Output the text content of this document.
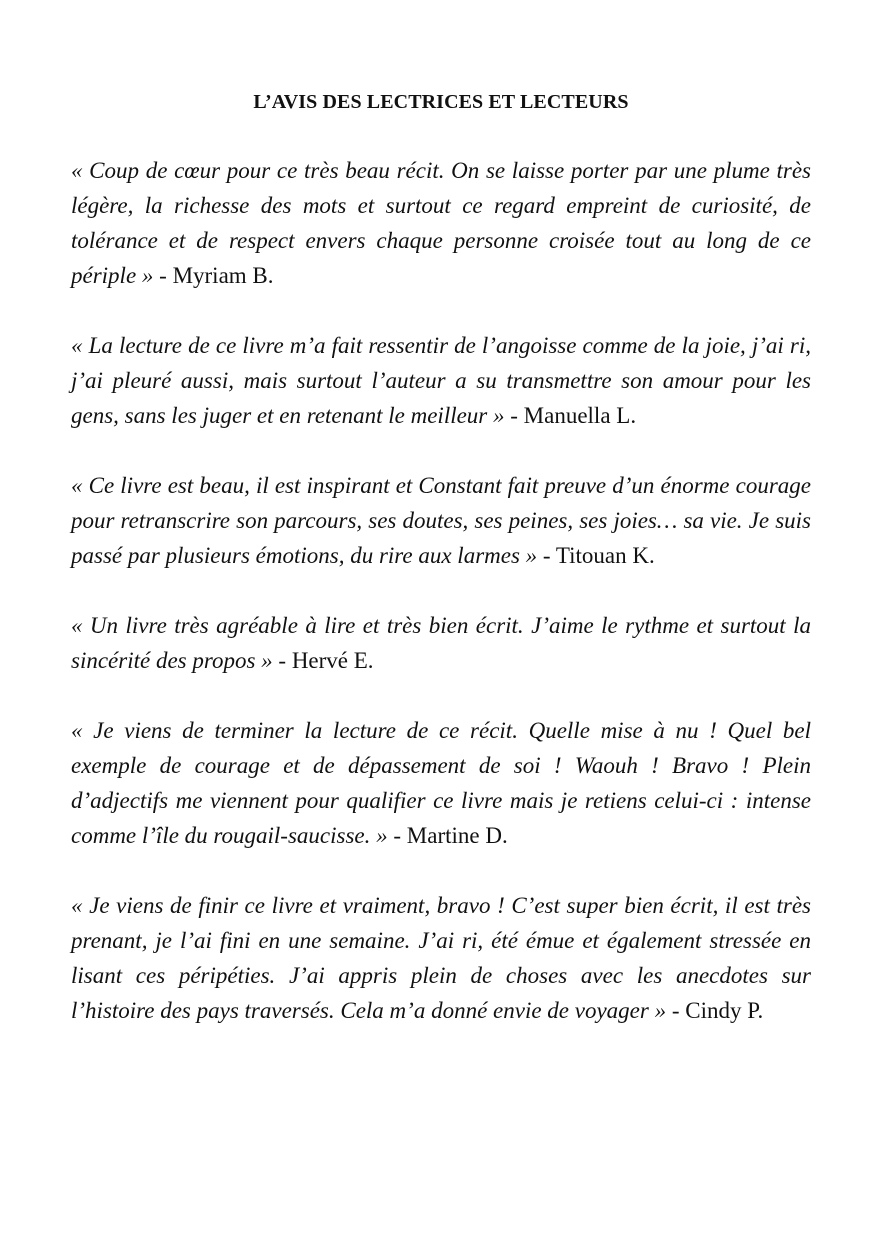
L’AVIS DES LECTRICES ET LECTEURS

« Coup de cœur pour ce très beau récit. On se laisse porter par une plume très légère, la richesse des mots et surtout ce regard empreint de curiosité, de tolérance et de respect envers chaque personne croisée tout au long de ce périple » - Myriam B.

« La lecture de ce livre m’a fait ressentir de l’angoisse comme de la joie, j’ai ri, j’ai pleuré aussi, mais surtout l’auteur a su transmettre son amour pour les gens, sans les juger et en retenant le meilleur » - Manuella L.

« Ce livre est beau, il est inspirant et Constant fait preuve d’un énorme courage pour retranscrire son parcours, ses doutes, ses peines, ses joies… sa vie. Je suis passé par plusieurs émotions, du rire aux larmes » - Titouan K.

« Un livre très agréable à lire et très bien écrit. J’aime le rythme et surtout la sincérité des propos » - Hervé E.

« Je viens de terminer la lecture de ce récit. Quelle mise à nu ! Quel bel exemple de courage et de dépassement de soi ! Waouh ! Bravo ! Plein d’adjectifs me viennent pour qualifier ce livre mais je retiens celui-ci : intense comme l’île du rougail-saucisse. » - Martine D.

« Je viens de finir ce livre et vraiment, bravo ! C’est super bien écrit, il est très prenant, je l’ai fini en une semaine. J’ai ri, été émue et également stressée en lisant ces péripéties. J’ai appris plein de choses avec les anecdotes sur l’histoire des pays traversés. Cela m’a donné envie de voyager » - Cindy P.
